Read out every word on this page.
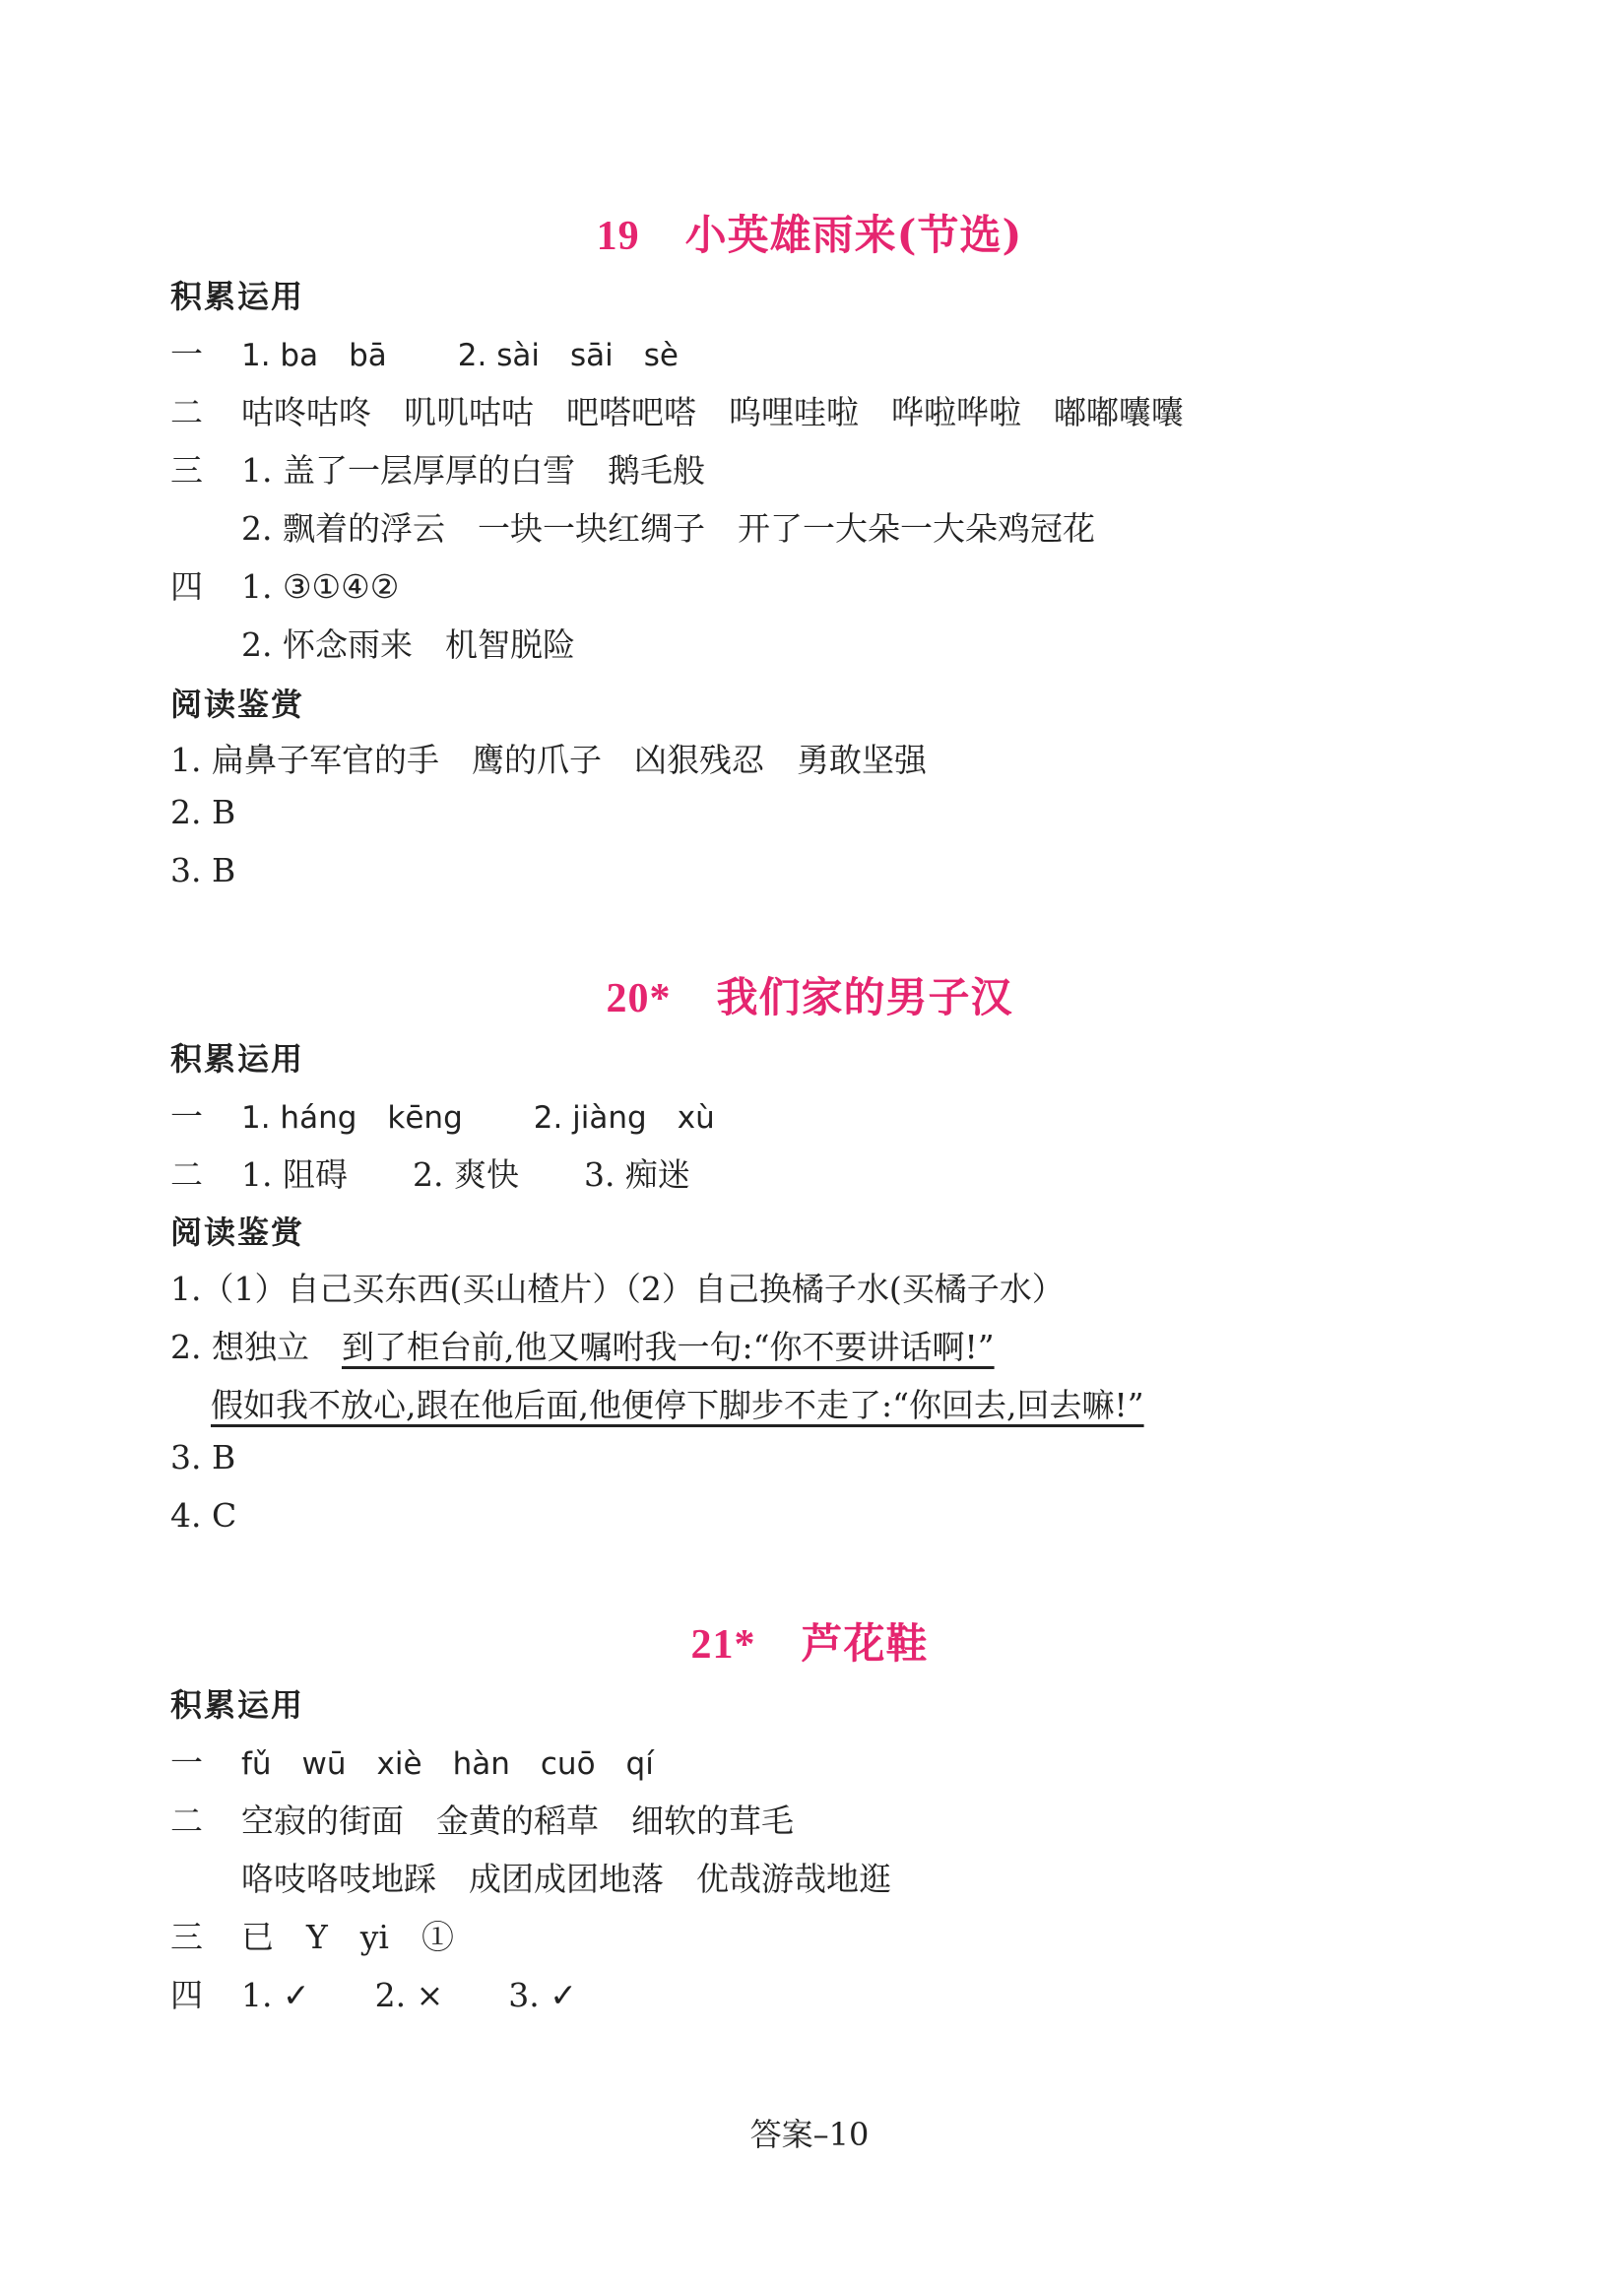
19 小英雄雨来(节选)
积累运用
一 1. ba　bā 2. sài　sāi　sè
二 咕咚咕咚　叽叽咕咕　吧嗒吧嗒　呜哩哇啦　哗啦哗啦　嘟嘟囔囔
三 1. 盖了一层厚厚的白雪　鹅毛般
2. 飘着的浮云　一块一块红绸子　开了一大朵一大朵鸡冠花
四 1. ③①④②
2. 怀念雨来　机智脱险
阅读鉴赏
1. 扁鼻子军官的手　鹰的爪子　凶狠残忍　勇敢坚强
2. B
3. B
20* 我们家的男子汉
积累运用
一 1. háng　kēng 2. jiàng　xù
二 1. 阻碍　　2. 爽快　　3. 痴迷
阅读鉴赏
1.（1）自己买东西(买山楂片）（2）自己换橘子水(买橘子水）
2. 想独立　到了柜台前,他又嘱咐我一句:“你不要讲话啊!”
假如我不放心,跟在他后面,他便停下脚步不走了:“你回去,回去嘛!”
3. B
4. C
21* 芦花鞋
积累运用
一 fǔ　wū　xiè　hàn　cuō　qí
二 空寂的街面　金黄的稻草　细软的茸毛
咯吱咯吱地踩　成团成团地落　优哉游哉地逛
三 已　Y　yi　①
四 1. ✓　　2. ×　　3. ✓
答案–10
